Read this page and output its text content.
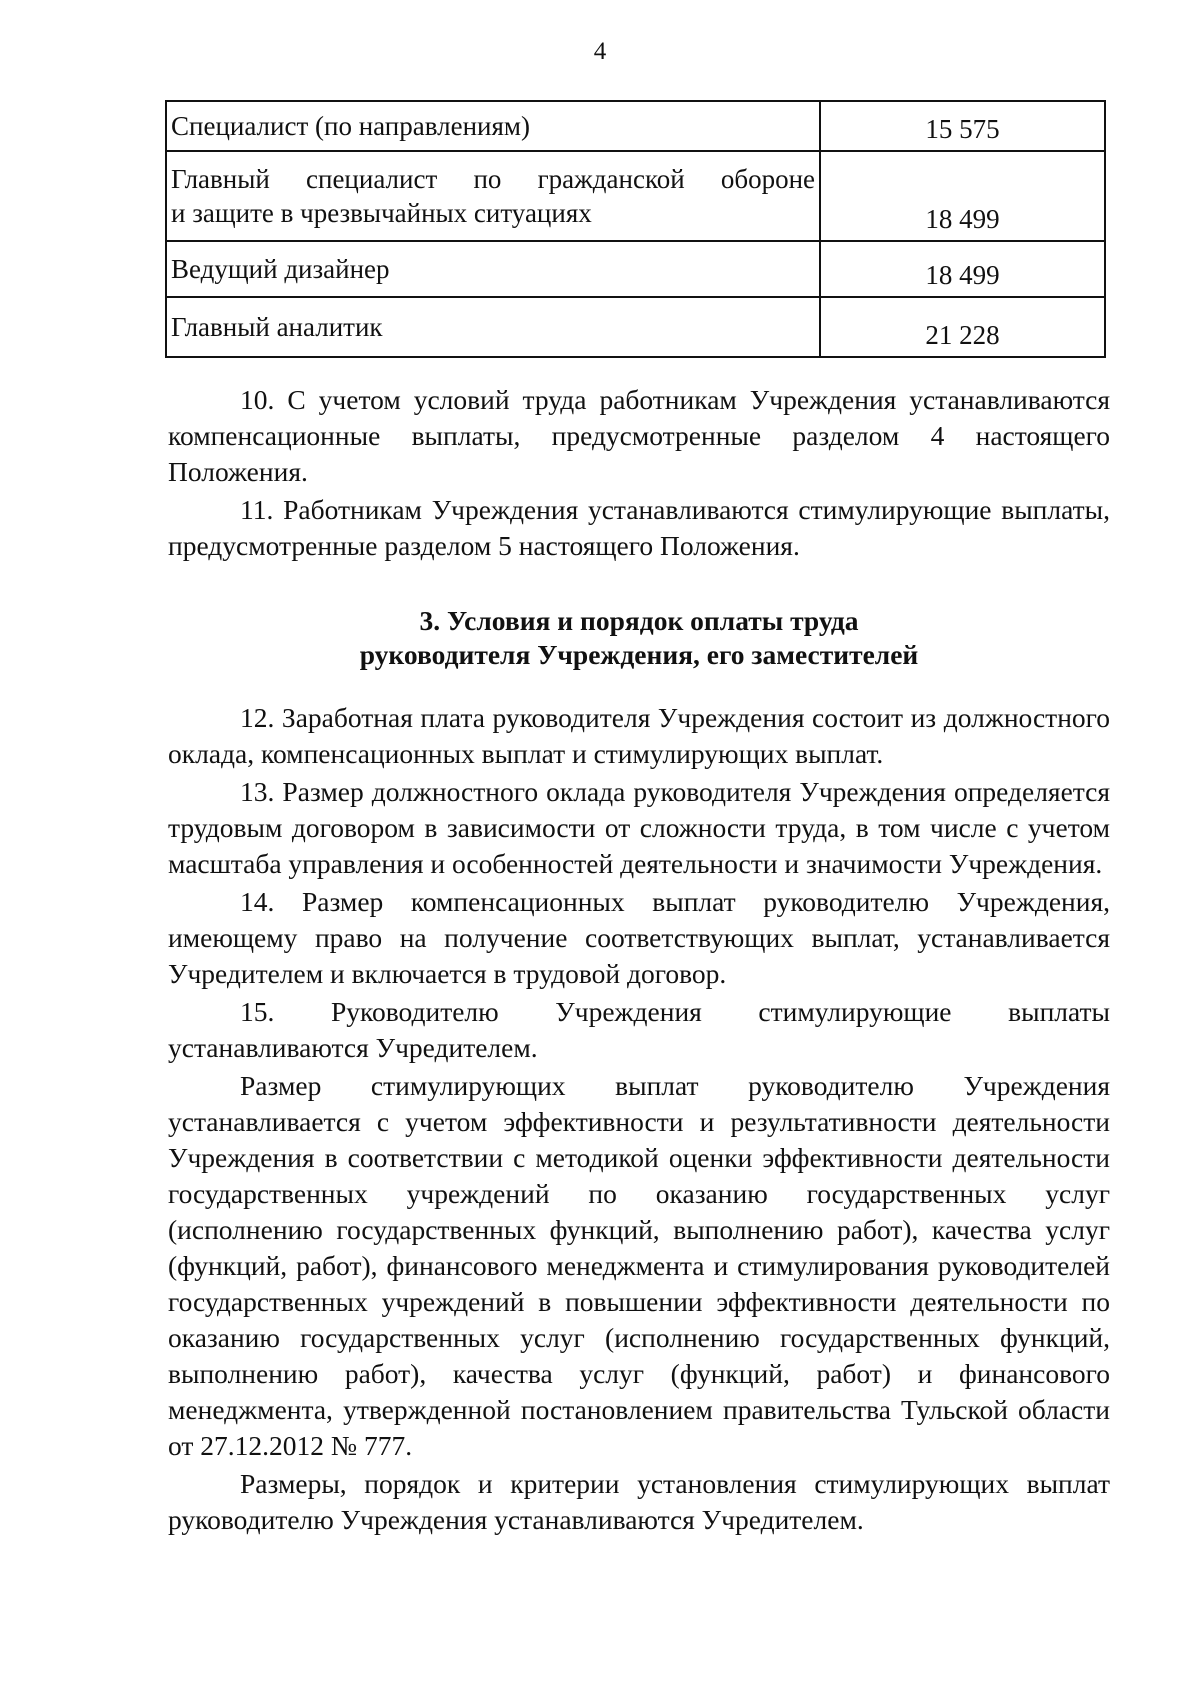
4
Специалист (по направлениям)	15 575

Главный специалист по гражданской обороне
и защите в чрезвычайных ситуациях	18 499
Ведущий дизайнер	18 499
Главный аналитик	21 228

10. С учетом условий труда работникам Учреждения устанавливаются компенсационные выплаты, предусмотренные разделом 4 настоящего Положения.

11. Работникам Учреждения устанавливаются стимулирующие выплаты, предусмотренные разделом 5 настоящего Положения.

3. Условия и порядок оплаты труда
руководителя Учреждения, его заместителей

12. Заработная плата руководителя Учреждения состоит из должностного оклада, компенсационных выплат и стимулирующих выплат.

13. Размер должностного оклада руководителя Учреждения определяется трудовым договором в зависимости от сложности труда, в том числе с учетом масштаба управления и особенностей деятельности и значимости Учреждения.

14. Размер компенсационных выплат руководителю Учреждения, имеющему право на получение соответствующих выплат, устанавливается Учредителем и включается в трудовой договор.

15. Руководителю Учреждения стимулирующие выплаты устанавливаются Учредителем.

Размер стимулирующих выплат руководителю Учреждения устанавливается с учетом эффективности и результативности деятельности Учреждения в соответствии с методикой оценки эффективности деятельности государственных учреждений по оказанию государственных услуг (исполнению государственных функций, выполнению работ), качества услуг (функций, работ), финансового менеджмента и стимулирования руководителей государственных учреждений в повышении эффективности деятельности по оказанию государственных услуг (исполнению государственных функций, выполнению работ), качества услуг (функций, работ) и финансового менеджмента, утвержденной постановлением правительства Тульской области от 27.12.2012 № 777.

Размеры, порядок и критерии установления стимулирующих выплат руководителю Учреждения устанавливаются Учредителем.
